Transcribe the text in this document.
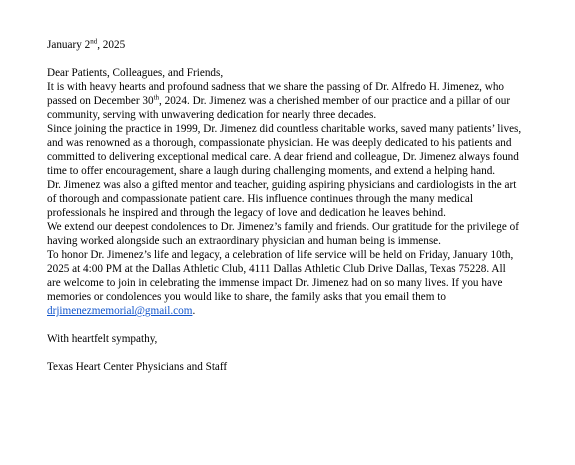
January 2nd, 2025

Dear Patients, Colleagues, and Friends,

It is with heavy hearts and profound sadness that we share the passing of Dr. Alfredo H. Jimenez, who passed on December 30th, 2024. Dr. Jimenez was a cherished member of our practice and a pillar of our community, serving with unwavering dedication for nearly three decades.

Since joining the practice in 1999, Dr. Jimenez did countless charitable works, saved many patients’ lives, and was renowned as a thorough, compassionate physician. He was deeply dedicated to his patients and committed to delivering exceptional medical care. A dear friend and colleague, Dr. Jimenez always found time to offer encouragement, share a laugh during challenging moments, and extend a helping hand.

Dr. Jimenez was also a gifted mentor and teacher, guiding aspiring physicians and cardiologists in the art of thorough and compassionate patient care. His influence continues through the many medical professionals he inspired and through the legacy of love and dedication he leaves behind.

We extend our deepest condolences to Dr. Jimenez’s family and friends. Our gratitude for the privilege of having worked alongside such an extraordinary physician and human being is immense.

To honor Dr. Jimenez’s life and legacy, a celebration of life service will be held on Friday, January 10th, 2025 at 4:00 PM at the Dallas Athletic Club, 4111 Dallas Athletic Club Drive Dallas, Texas 75228. All are welcome to join in celebrating the immense impact Dr. Jimenez had on so many lives. If you have memories or condolences you would like to share, the family asks that you email them to drjimenezmemorial@gmail.com.

With heartfelt sympathy,

Texas Heart Center Physicians and Staff
